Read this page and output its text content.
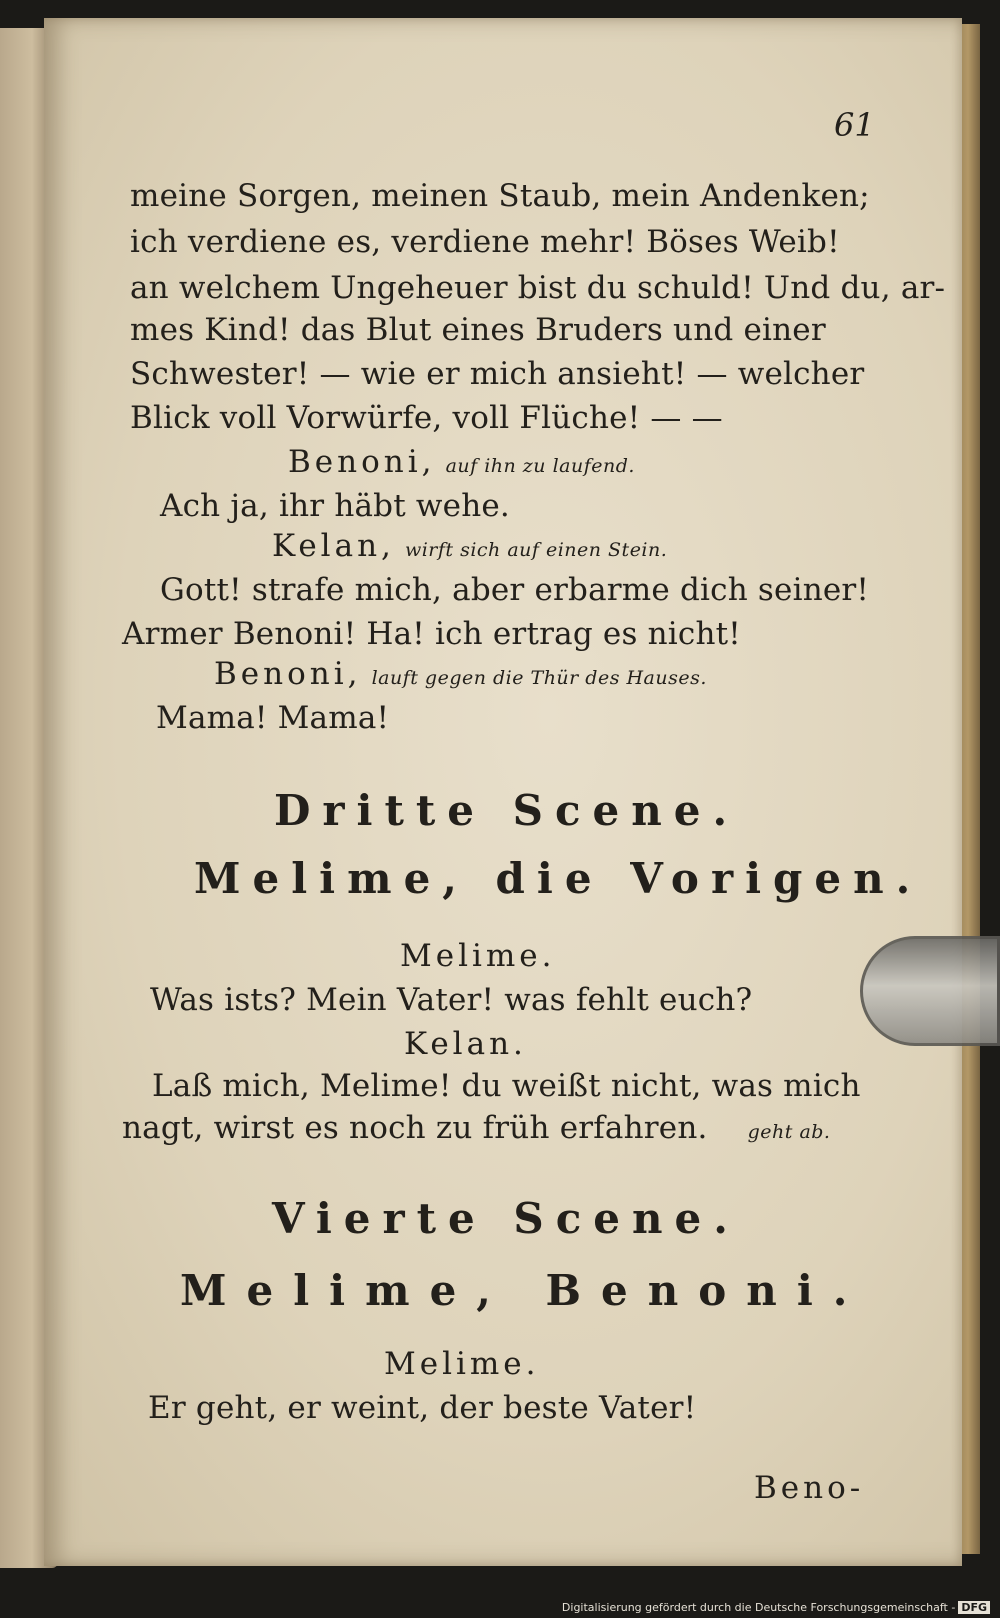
61
meine Sorgen, meinen Staub, mein Andenken;
ich verdiene es, verdiene mehr! Böses Weib!
an welchem Ungeheuer bist du schuld! Und du, ar-
mes Kind! das Blut eines Bruders und einer
Schwester! — wie er mich ansieht! — welcher
Blick voll Vorwürfe, voll Flüche! — —
Benoni, auf ihn zu laufend.
Ach ja, ihr häbt wehe.
Kelan, wirft sich auf einen Stein.
Gott! strafe mich, aber erbarme dich seiner!
Armer Benoni! Ha! ich ertrag es nicht!
Benoni, lauft gegen die Thür des Hauses.
Mama! Mama!
Dritte Scene.
Melime, die Vorigen.
Melime.
Was ists? Mein Vater! was fehlt euch?
Kelan.
Laß mich, Melime! du weißt nicht, was mich
nagt, wirst es noch zu früh erfahren. geht ab.
Vierte Scene.
Melime, Benoni.
Melime.
Er geht, er weint, der beste Vater!
Beno-
Digitalisierung gefördert durch die Deutsche Forschungsgemeinschaft - DFG
